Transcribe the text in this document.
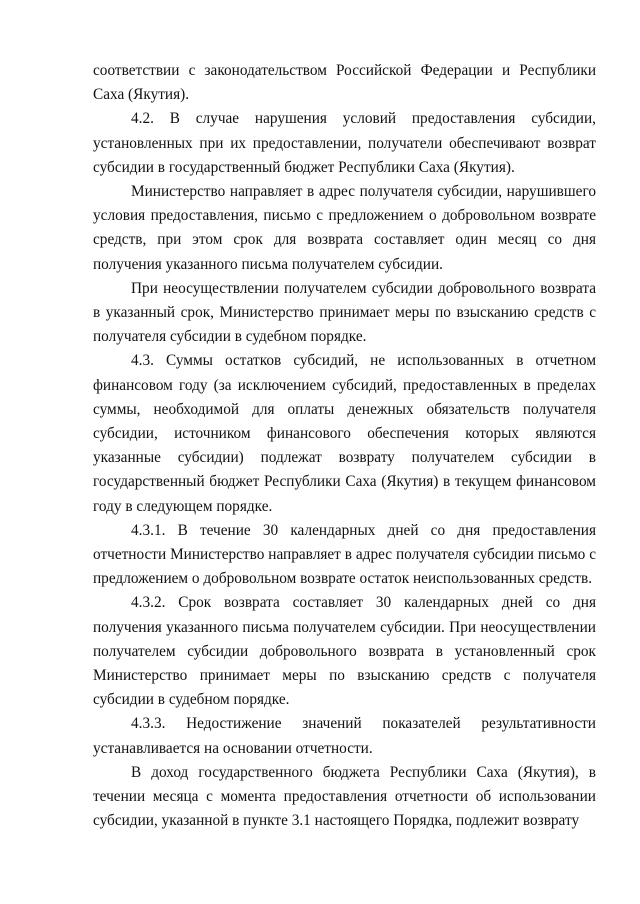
соответствии с законодательством Российской Федерации и Республики Саха (Якутия).

4.2. В случае нарушения условий предоставления субсидии, установленных при их предоставлении, получатели обеспечивают возврат субсидии в государственный бюджет Республики Саха (Якутия).

Министерство направляет в адрес получателя субсидии, нарушившего условия предоставления, письмо с предложением о добровольном возврате средств, при этом срок для возврата составляет один месяц со дня получения указанного письма получателем субсидии.

При неосуществлении получателем субсидии добровольного возврата в указанный срок, Министерство принимает меры по взысканию средств с получателя субсидии в судебном порядке.

4.3. Суммы остатков субсидий, не использованных в отчетном финансовом году (за исключением субсидий, предоставленных в пределах суммы, необходимой для оплаты денежных обязательств получателя субсидии, источником финансового обеспечения которых являются указанные субсидии) подлежат возврату получателем субсидии в государственный бюджет Республики Саха (Якутия) в текущем финансовом году в следующем порядке.

4.3.1. В течение 30 календарных дней со дня предоставления отчетности Министерство направляет в адрес получателя субсидии письмо с предложением о добровольном возврате остаток неиспользованных средств.

4.3.2. Срок возврата составляет 30 календарных дней со дня получения указанного письма получателем субсидии. При неосуществлении получателем субсидии добровольного возврата в установленный срок Министерство принимает меры по взысканию средств с получателя субсидии в судебном порядке.

4.3.3. Недостижение значений показателей результативности устанавливается на основании отчетности.

В доход государственного бюджета Республики Саха (Якутия), в течении месяца с момента предоставления отчетности об использовании субсидии, указанной в пункте 3.1 настоящего Порядка, подлежит возврату
